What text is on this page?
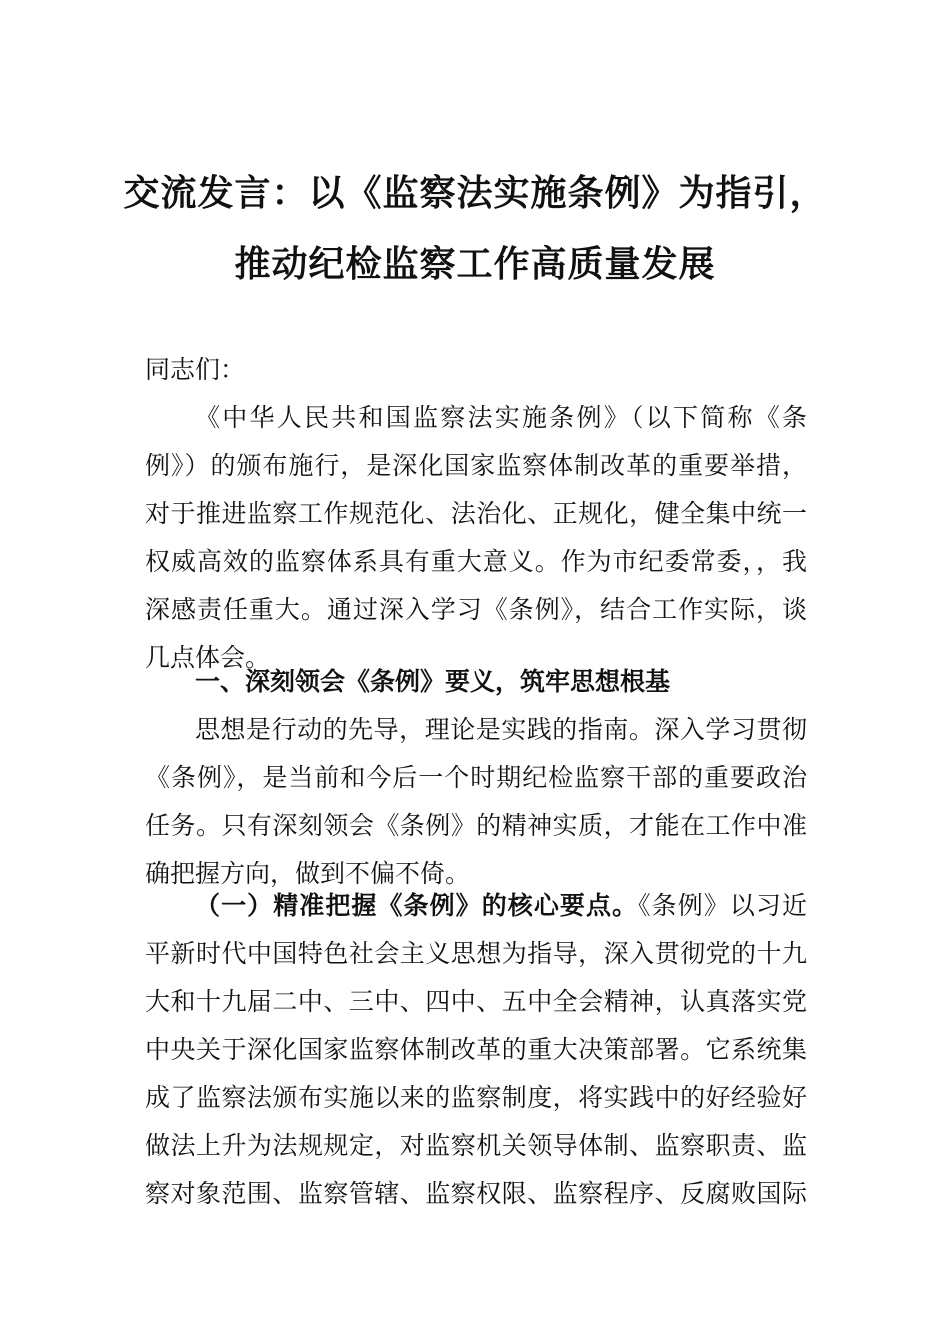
交流发言：以《监察法实施条例》为指引，
推动纪检监察工作高质量发展
同志们：
《中华人民共和国监察法实施条例》（以下简称《条
例》）的颁布施行，是深化国家监察体制改革的重要举措，
对于推进监察工作规范化、法治化、正规化，健全集中统一
权威高效的监察体系具有重大意义。作为市纪委常委，，我
深感责任重大。通过深入学习《条例》，结合工作实际，谈
几点体会。
一、深刻领会《条例》要义，筑牢思想根基
思想是行动的先导，理论是实践的指南。深入学习贯彻
《条例》，是当前和今后一个时期纪检监察干部的重要政治
任务。只有深刻领会《条例》的精神实质，才能在工作中准
确把握方向，做到不偏不倚。
（一）精准把握《条例》的核心要点。《条例》以习近
平新时代中国特色社会主义思想为指导，深入贯彻党的十九
大和十九届二中、三中、四中、五中全会精神，认真落实党
中央关于深化国家监察体制改革的重大决策部署。它系统集
成了监察法颁布实施以来的监察制度，将实践中的好经验好
做法上升为法规规定，对监察机关领导体制、监察职责、监
察对象范围、监察管辖、监察权限、监察程序、反腐败国际
